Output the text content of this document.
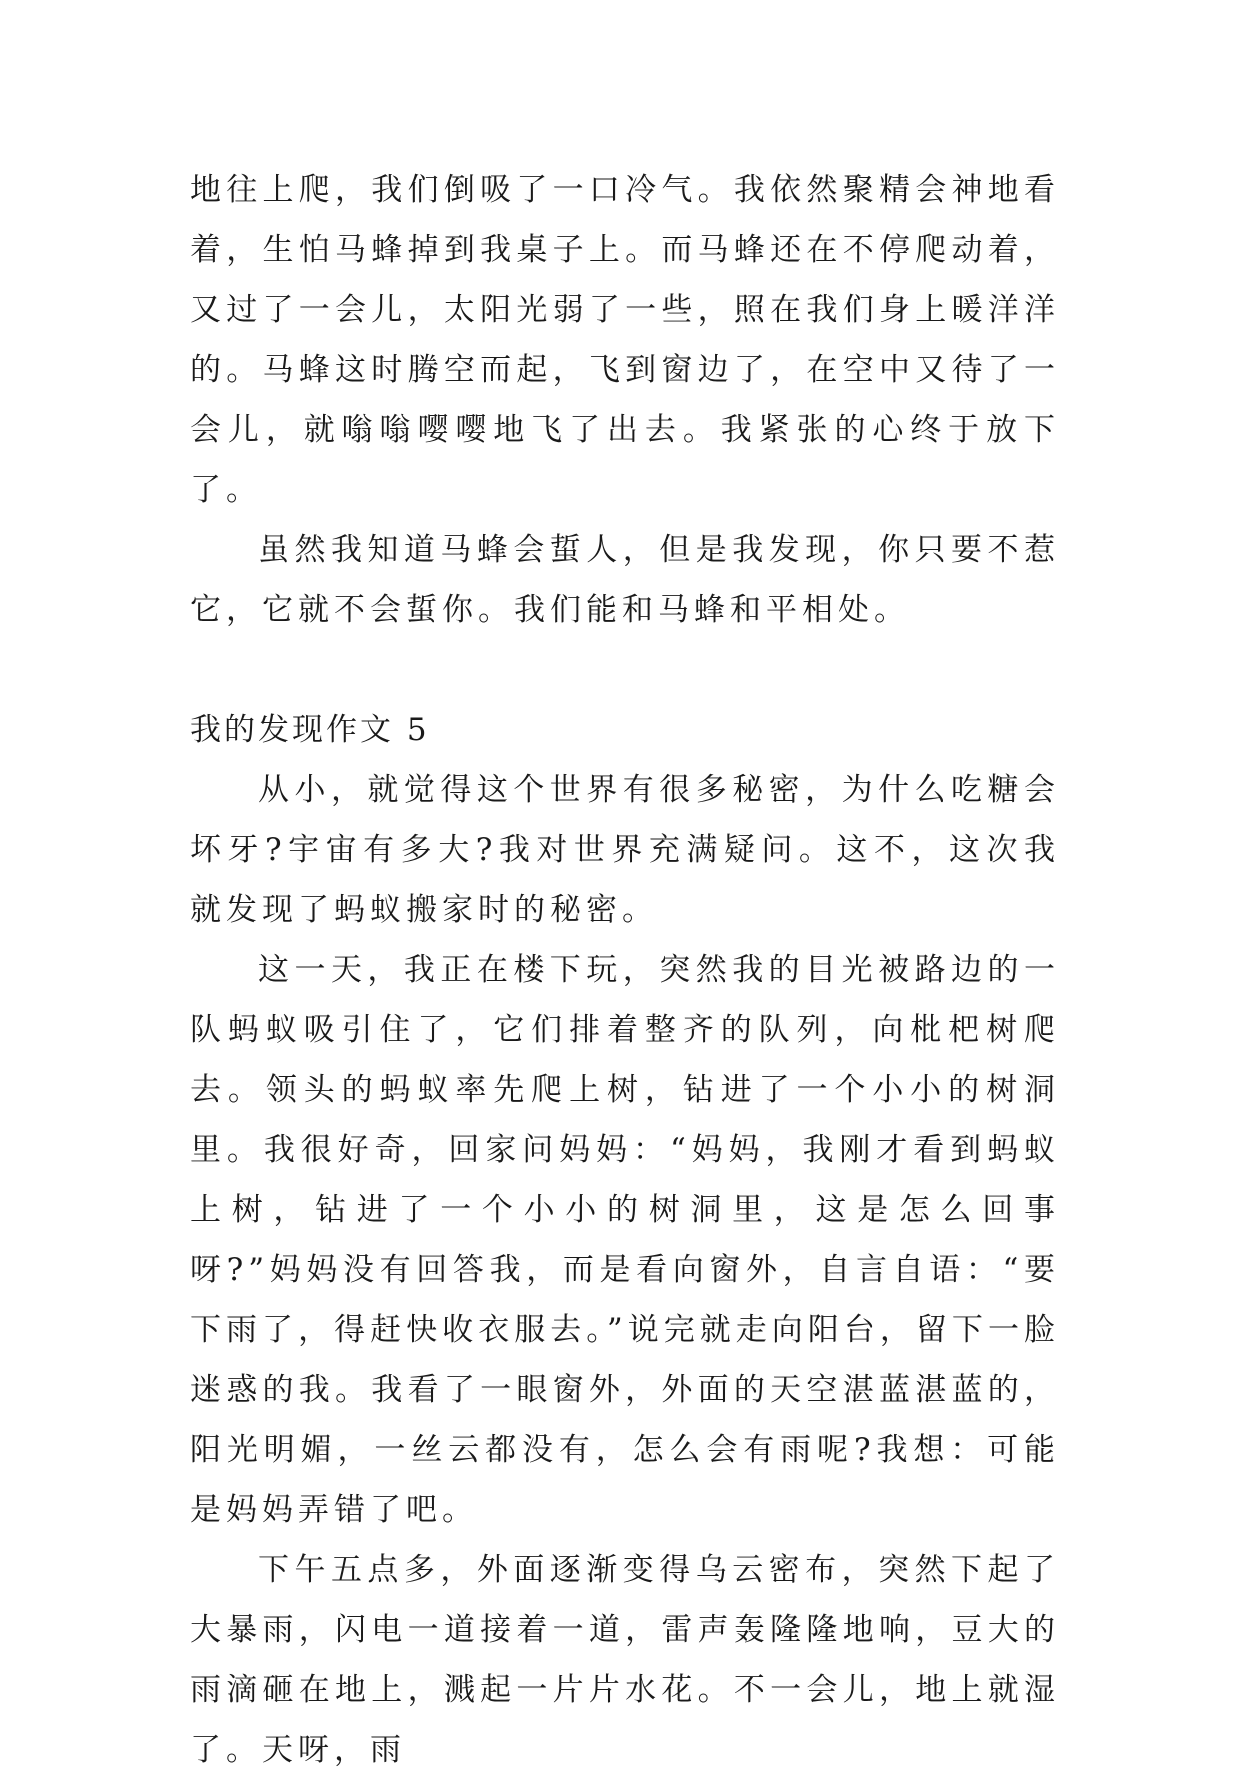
地往上爬，我们倒吸了一口冷气。我依然聚精会神地看着，生怕马蜂掉到我桌子上。而马蜂还在不停爬动着，又过了一会儿，太阳光弱了一些，照在我们身上暖洋洋的。马蜂这时腾空而起，飞到窗边了，在空中又待了一会儿，就嗡嗡嘤嘤地飞了出去。我紧张的心终于放下了。

虽然我知道马蜂会蜇人，但是我发现，你只要不惹它，它就不会蜇你。我们能和马蜂和平相处。

我的发现作文 5

从小，就觉得这个世界有很多秘密，为什么吃糖会坏牙?宇宙有多大?我对世界充满疑问。这不，这次我就发现了蚂蚁搬家时的秘密。

这一天，我正在楼下玩，突然我的目光被路边的一队蚂蚁吸引住了，它们排着整齐的队列，向枇杷树爬去。领头的蚂蚁率先爬上树，钻进了一个小小的树洞里。我很好奇，回家问妈妈：“妈妈，我刚才看到蚂蚁上树，钻进了一个小小的树洞里，这是怎么回事呀?”妈妈没有回答我，而是看向窗外，自言自语：“要下雨了，得赶快收衣服去。”说完就走向阳台，留下一脸迷惑的我。我看了一眼窗外，外面的天空湛蓝湛蓝的，阳光明媚，一丝云都没有，怎么会有雨呢?我想：可能是妈妈弄错了吧。

下午五点多，外面逐渐变得乌云密布，突然下起了大暴雨，闪电一道接着一道，雷声轰隆隆地响，豆大的雨滴砸在地上，溅起一片片水花。不一会儿，地上就湿了。天呀，雨
